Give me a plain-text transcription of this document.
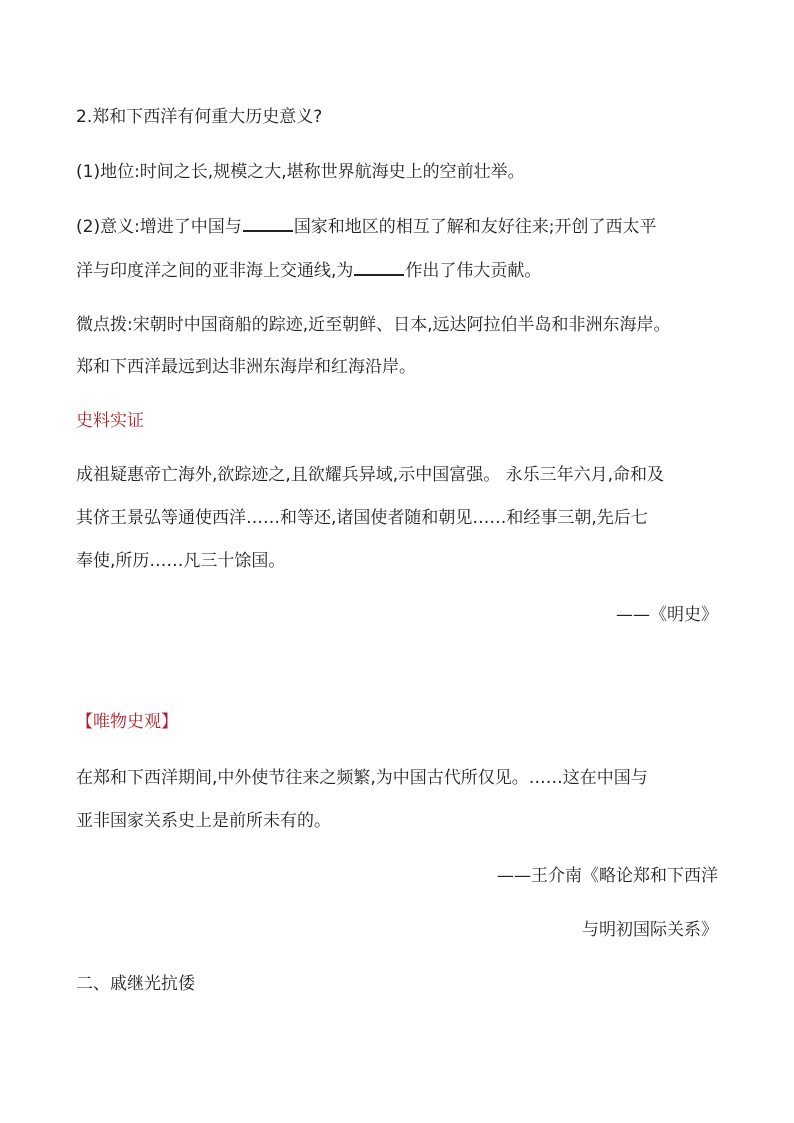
2.郑和下西洋有何重大历史意义?
(1)地位:时间之长,规模之大,堪称世界航海史上的空前壮举。
(2)意义:增进了中国与	国家和地区的相互了解和友好往来;开创了西太平
洋与印度洋之间的亚非海上交通线,为	作出了伟大贡献。
微点拨:宋朝时中国商船的踪迹,近至朝鲜、日本,远达阿拉伯半岛和非洲东海岸。
郑和下西洋最远到达非洲东海岸和红海沿岸。
史料实证
成祖疑惠帝亡海外,欲踪迹之,且欲耀兵异域,示中国富强。 永乐三年六月,命和及
其侪王景弘等通使西洋……和等还,诸国使者随和朝见……和经事三朝,先后七
奉使,所历……凡三十馀国。
——《明史》
【唯物史观】
在郑和下西洋期间,中外使节往来之频繁,为中国古代所仅见。……这在中国与
亚非国家关系史上是前所未有的。
——王介南《略论郑和下西洋
与明初国际关系》
二、戚继光抗倭
